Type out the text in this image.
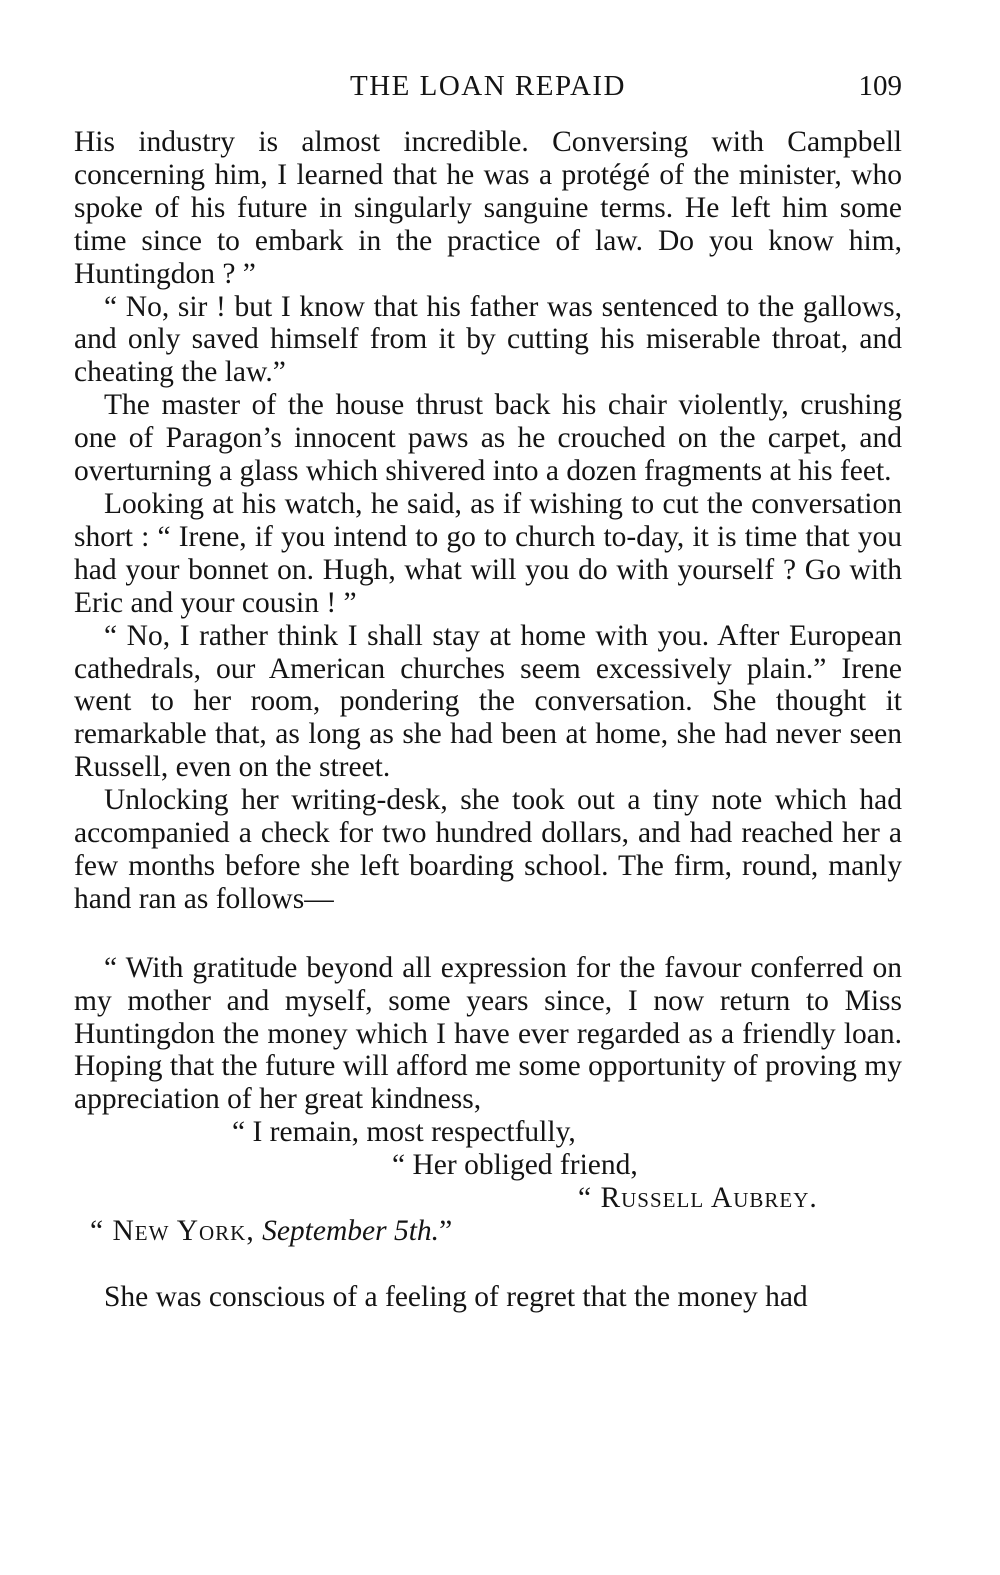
THE LOAN REPAID	109

His industry is almost incredible. Conversing with Campbell concerning him, I learned that he was a protégé of the minister, who spoke of his future in singularly sanguine terms. He left him some time since to embark in the practice of law. Do you know him, Huntingdon ? ”

“ No, sir ! but I know that his father was sentenced to the gallows, and only saved himself from it by cutting his miserable throat, and cheating the law.”

The master of the house thrust back his chair violently, crushing one of Paragon’s innocent paws as he crouched on the carpet, and overturning a glass which shivered into a dozen fragments at his feet.

Looking at his watch, he said, as if wishing to cut the conversation short : “ Irene, if you intend to go to church to-day, it is time that you had your bonnet on. Hugh, what will you do with yourself ? Go with Eric and your cousin ! ”

“ No, I rather think I shall stay at home with you. After European cathedrals, our American churches seem excessively plain.” Irene went to her room, pondering the conversation. She thought it remarkable that, as long as she had been at home, she had never seen Russell, even on the street.

Unlocking her writing-desk, she took out a tiny note which had accompanied a check for two hundred dollars, and had reached her a few months before she left boarding school. The firm, round, manly hand ran as follows—

“ With gratitude beyond all expression for the favour conferred on my mother and myself, some years since, I now return to Miss Huntingdon the money which I have ever regarded as a friendly loan. Hoping that the future will afford me some opportunity of proving my appreciation of her great kindness,

“ I remain, most respectfully,

“ Her obliged friend,

“ Russell Aubrey.

“ New York, September 5th.”

She was conscious of a feeling of regret that the money had
